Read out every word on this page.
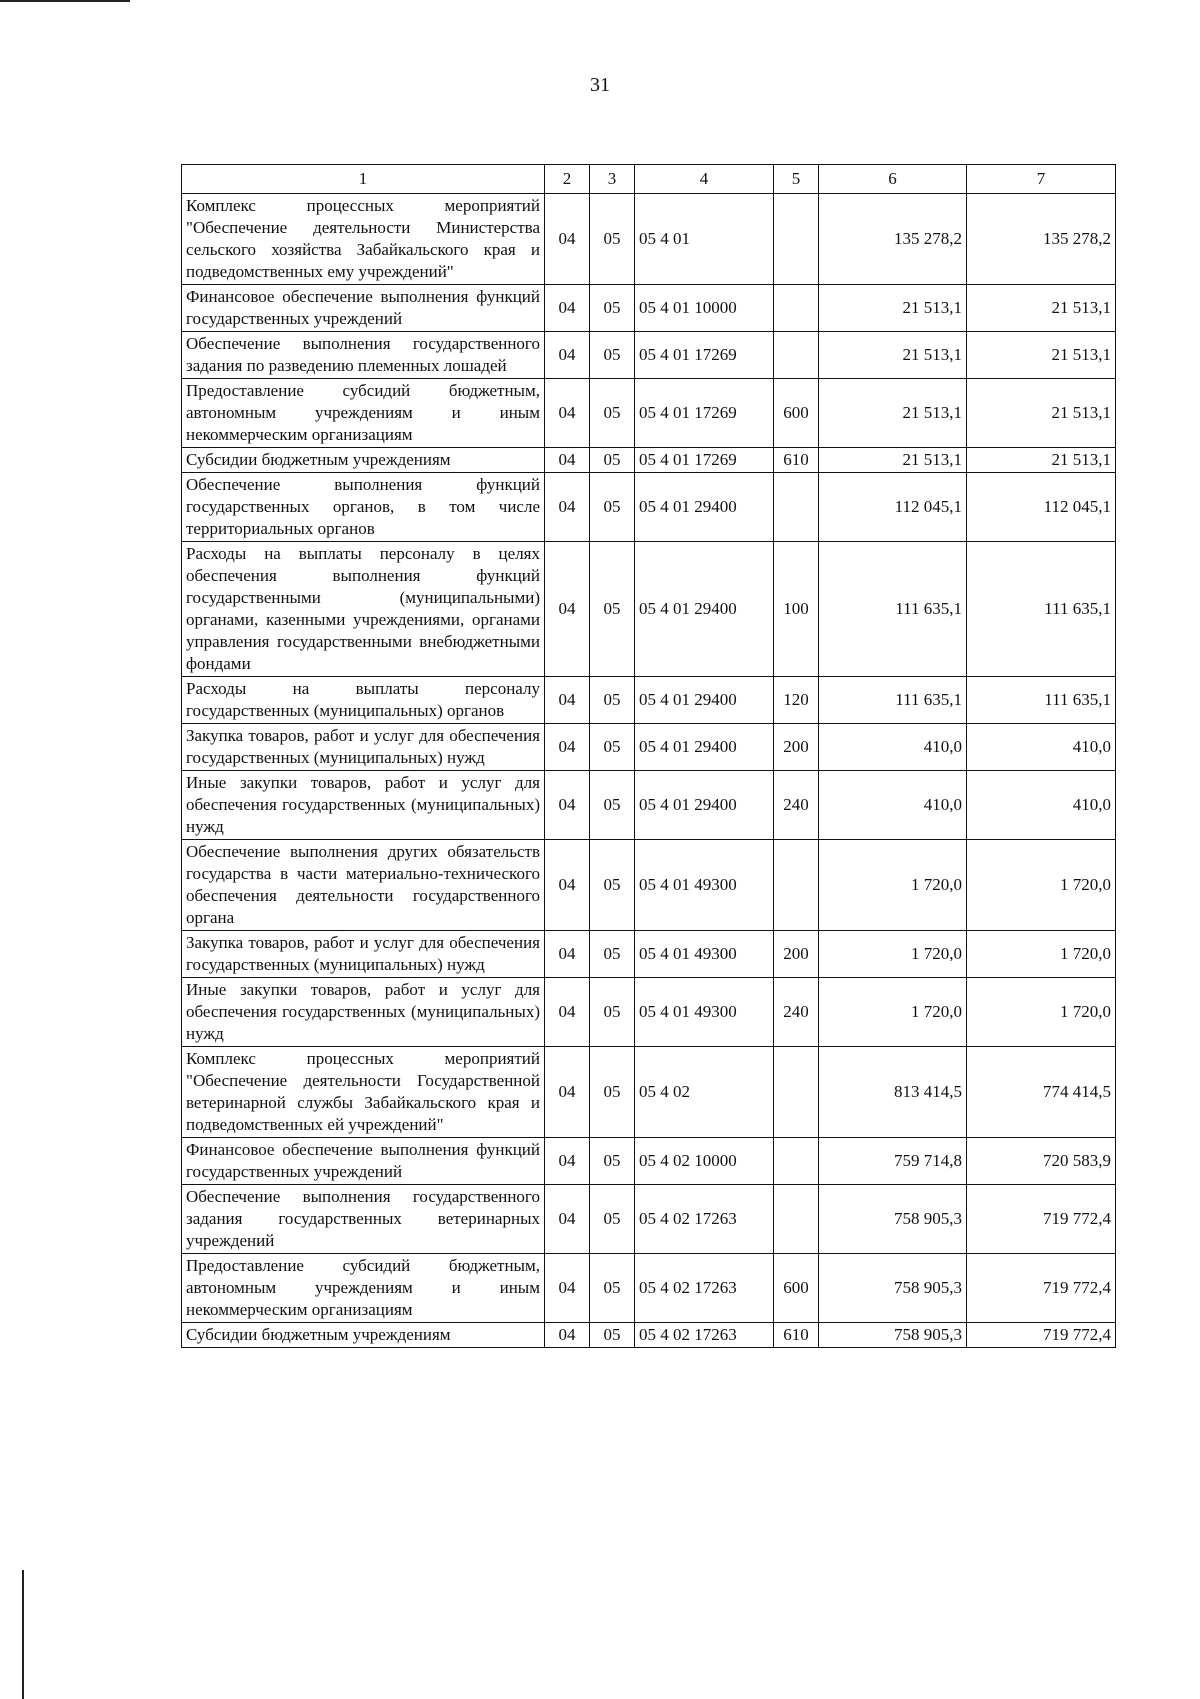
31
1	2	3	4	5	6	7
Комплекс процессных мероприятий "Обеспечение деятельности Министерства сельского хозяйства Забайкальского края и подведомственных ему учреждений"	04	05	05 4 01		135 278,2	135 278,2
Финансовое обеспечение выполнения функций государственных учреждений	04	05	05 4 01 10000		21 513,1	21 513,1
Обеспечение выполнения государственного задания по разведению племенных лошадей	04	05	05 4 01 17269		21 513,1	21 513,1
Предоставление субсидий бюджетным, автономным учреждениям и иным некоммерческим организациям	04	05	05 4 01 17269	600	21 513,1	21 513,1
Субсидии бюджетным учреждениям	04	05	05 4 01 17269	610	21 513,1	21 513,1
Обеспечение выполнения функций государственных органов, в том числе территориальных органов	04	05	05 4 01 29400		112 045,1	112 045,1
Расходы на выплаты персоналу в целях обеспечения выполнения функций государственными (муниципальными) органами, казенными учреждениями, органами управления государственными внебюджетными фондами	04	05	05 4 01 29400	100	111 635,1	111 635,1
Расходы на выплаты персоналу государственных (муниципальных) органов	04	05	05 4 01 29400	120	111 635,1	111 635,1
Закупка товаров, работ и услуг для обеспечения государственных (муниципальных) нужд	04	05	05 4 01 29400	200	410,0	410,0
Иные закупки товаров, работ и услуг для обеспечения государственных (муниципальных) нужд	04	05	05 4 01 29400	240	410,0	410,0
Обеспечение выполнения других обязательств государства в части материально-технического обеспечения деятельности государственного органа	04	05	05 4 01 49300		1 720,0	1 720,0
Закупка товаров, работ и услуг для обеспечения государственных (муниципальных) нужд	04	05	05 4 01 49300	200	1 720,0	1 720,0
Иные закупки товаров, работ и услуг для обеспечения государственных (муниципальных) нужд	04	05	05 4 01 49300	240	1 720,0	1 720,0
Комплекс процессных мероприятий "Обеспечение деятельности Государственной ветеринарной службы Забайкальского края и подведомственных ей учреждений"	04	05	05 4 02		813 414,5	774 414,5
Финансовое обеспечение выполнения функций государственных учреждений	04	05	05 4 02 10000		759 714,8	720 583,9
Обеспечение выполнения государственного задания государственных ветеринарных учреждений	04	05	05 4 02 17263		758 905,3	719 772,4
Предоставление субсидий бюджетным, автономным учреждениям и иным некоммерческим организациям	04	05	05 4 02 17263	600	758 905,3	719 772,4
Субсидии бюджетным учреждениям	04	05	05 4 02 17263	610	758 905,3	719 772,4
